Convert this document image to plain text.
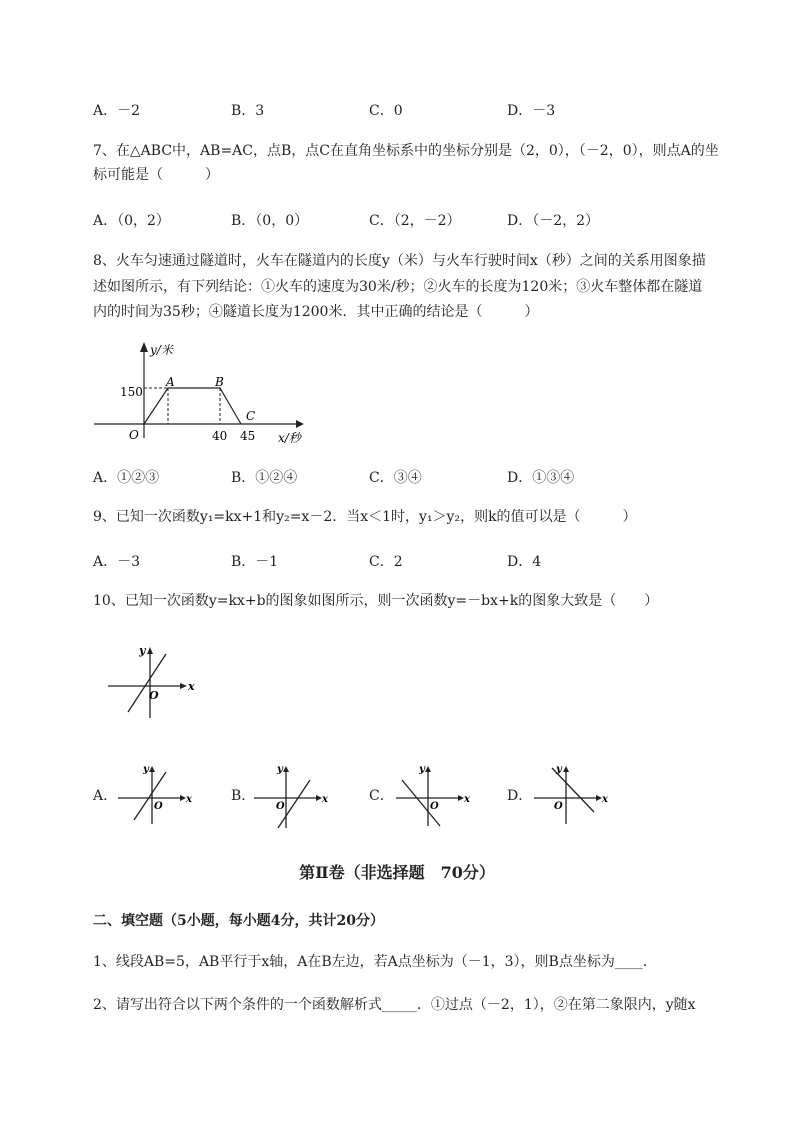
A．－2	B．3	C．0	D．－3
7、在△ABC中，AB=AC，点B，点C在直角坐标系中的坐标分别是（2，0），（－2，0），则点A的坐
标可能是（　　　）
A．（0，2）	B．（0，0）	C．（2，－2）	D．（－2，2）
8、火车匀速通过隧道时，火车在隧道内的长度y（米）与火车行驶时间x（秒）之间的关系用图象描
述如图所示，有下列结论：①火车的速度为30米/秒；②火车的长度为120米；③火车整体都在隧道
内的时间为35秒；④隧道长度为1200米．其中正确的结论是（　　　）
y/米
150
A	B
C
O	40 45 x/秒
A．①②③	B．①②④	C．③④	D．①③④
9、已知一次函数y₁=kx+1和y₂=x－2．当x＜1时，y₁＞y₂，则k的值可以是（　　　）
A．－3	B．－1	C．2	D．4
10、已知一次函数y=kx+b的图象如图所示，则一次函数y=－bx+k的图象大致是（　　）
x
y
O
A．	B．	C．	D．
x
y
O
x
y
O
x
y
O
x
y
O
第Ⅱ卷（非选择题　70分）
二、填空题（5小题，每小题4分，共计20分）
1、线段AB=5，AB平行于x轴，A在B左边，若A点坐标为（－1，3），则B点坐标为____．
2、请写出符合以下两个条件的一个函数解析式_____．①过点（－2，1），②在第二象限内，y随x
